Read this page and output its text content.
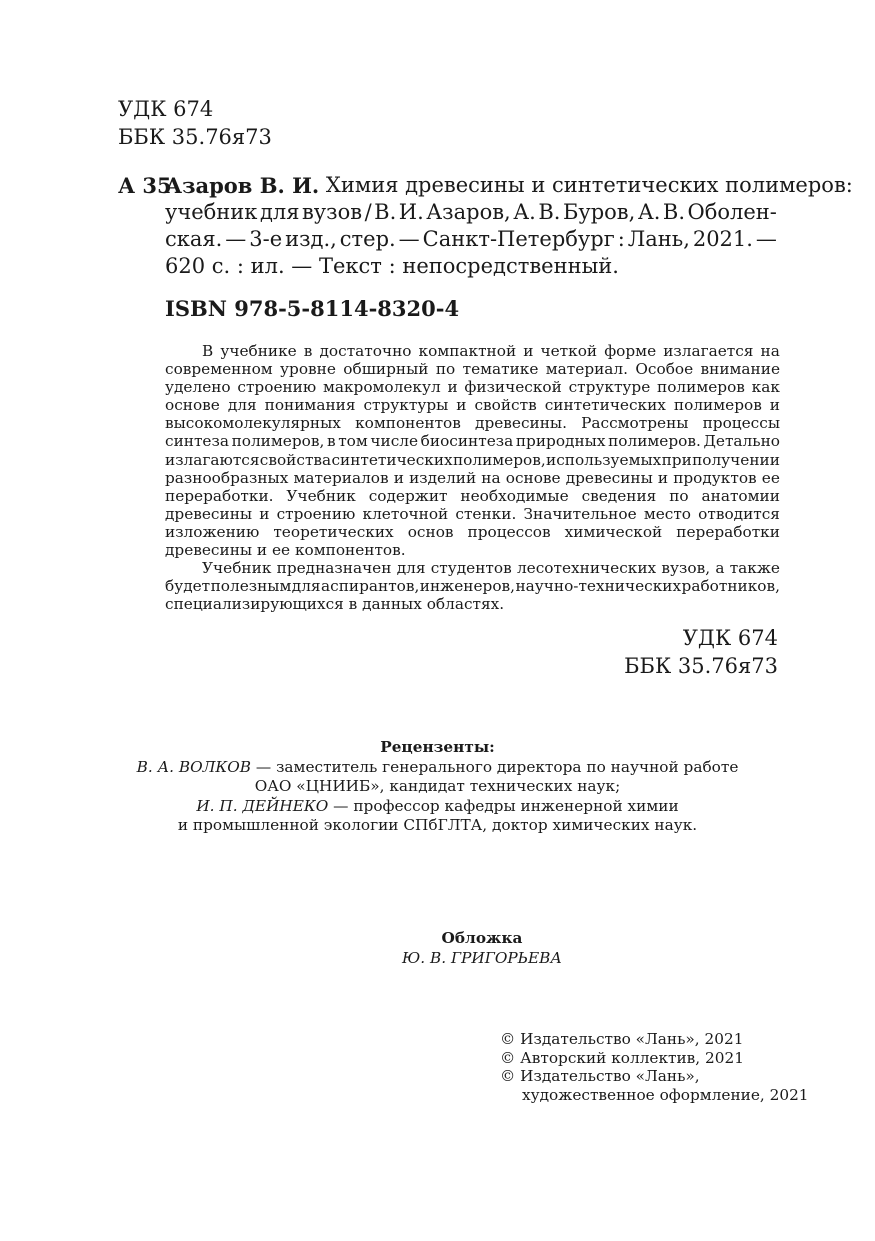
УДК 674
ББК 35.76я73
А 35
Азаров В. И.
Химия древесины и синтетических полимеров:
учебник для вузов / В. И. Азаров, А. В. Буров, А. В. Оболен-
ская. — 3-е изд., стер. — Санкт-Петербург : Лань, 2021. —
620 с. : ил. — Текст : непосредственный.
ISBN 978-5-8114-8320-4
В учебнике в достаточно компактной и четкой форме излагается на
современном уровне обширный по тематике материал. Особое внимание
уделено строению макромолекул и физической структуре полимеров как
основе для понимания структуры и свойств синтетических полимеров и
высокомолекулярных компонентов древесины. Рассмотрены процессы
синтеза полимеров, в том числе биосинтеза природных полимеров. Детально
излагаются свойства синтетических полимеров, используемых при получении
разнообразных материалов и изделий на основе древесины и продуктов ее
переработки. Учебник содержит необходимые сведения по анатомии
древесины и строению клеточной стенки. Значительное место отводится
изложению теоретических основ процессов химической переработки
древесины и ее компонентов.
Учебник предназначен для студентов лесотехнических вузов, а также
будет полезным для аспирантов, инженеров, научно-технических работников,
специализирующихся в данных областях.
УДК 674
ББК 35.76я73
Рецензенты:
В. А. ВОЛКОВ — заместитель генерального директора по научной работе
ОАО «ЦНИИБ», кандидат технических наук;
И. П. ДЕЙНЕКО — профессор кафедры инженерной химии
и промышленной экологии СПбГЛТА, доктор химических наук.
Обложка
Ю. В. ГРИГОРЬЕВА
© Издательство «Лань», 2021
© Авторский коллектив, 2021
© Издательство «Лань»,
художественное оформление, 2021
